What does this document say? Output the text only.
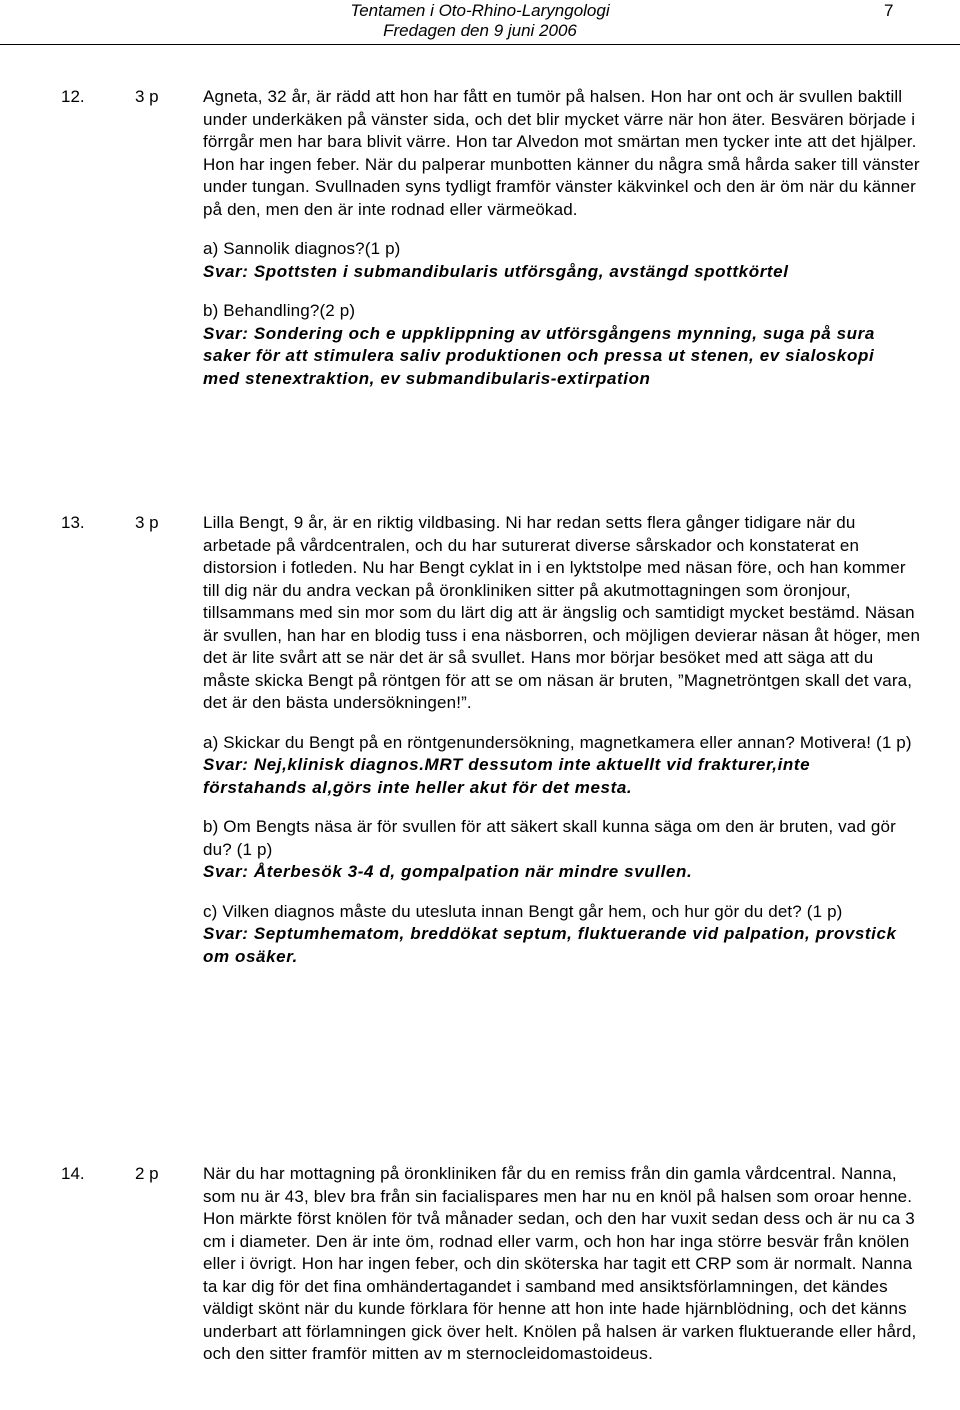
Tentamen i Oto-Rhino-Laryngologi
Fredagen den 9 juni 2006
7
12.	3 p	Agneta, 32 år, är rädd att hon har fått en tumör på halsen. Hon har ont och är svullen baktill under underkäken på vänster sida, och det blir mycket värre när hon äter. Besvären började i förrgår men har bara blivit värre. Hon tar Alvedon mot smärtan men tycker inte att det hjälper. Hon har ingen feber. När du palperar munbotten känner du några små hårda saker till vänster under tungan. Svullnaden syns tydligt framför vänster käkvinkel och den är öm när du känner på den, men den är inte rodnad eller värmeökad.

a) Sannolik diagnos?(1 p)

Svar: Spottsten i submandibularis utförsgång, avstängd spottkörtel

b) Behandling?(2 p)

Svar: Sondering och e uppklippning av utförsgångens mynning, suga på sura saker för att stimulera saliv produktionen och pressa ut stenen, ev sialoskopi med stenextraktion, ev submandibularis-extirpation

13.	3 p	Lilla Bengt, 9 år, är en riktig vildbasing. Ni har redan setts flera gånger tidigare när du arbetade på vårdcentralen, och du har suturerat diverse sårskador och konstaterat en distorsion i fotleden. Nu har Bengt cyklat in i en lyktstolpe med näsan före, och han kommer till dig när du andra veckan på öronkliniken sitter på akutmottagningen som öronjour, tillsammans med sin mor som du lärt dig att är ängslig och samtidigt mycket bestämd. Näsan är svullen, han har en blodig tuss i ena näsborren, och möjligen devierar näsan åt höger, men det är lite svårt att se när det är så svullet. Hans mor börjar besöket med att säga att du måste skicka Bengt på röntgen för att se om näsan är bruten, ”Magnetröntgen skall det vara, det är den bästa undersökningen!”.

a) Skickar du Bengt på en röntgenundersökning, magnetkamera eller annan? Motivera! (1 p)

Svar: Nej,klinisk diagnos.MRT dessutom inte aktuellt vid frakturer,inte förstahands al,görs inte heller akut för det mesta.

b) Om Bengts näsa är för svullen för att säkert skall kunna säga om den är bruten, vad gör du? (1 p)

Svar: Återbesök 3-4 d, gompalpation när mindre svullen.

c) Vilken diagnos måste du utesluta innan Bengt går hem, och hur gör du det? (1 p)

Svar: Septumhematom, breddökat septum, fluktuerande vid palpation, provstick om osäker.

14.	2 p	När du har mottagning på öronkliniken får du en remiss från din gamla vårdcentral. Nanna, som nu är 43, blev bra från sin facialispares men har nu en knöl på halsen som oroar henne. Hon märkte först knölen för två månader sedan, och den har vuxit sedan dess och är nu ca 3 cm i diameter. Den är inte öm, rodnad eller varm, och hon har inga större besvär från knölen eller i övrigt. Hon har ingen feber, och din sköterska har tagit ett CRP som är normalt. Nanna ta kar dig för det fina omhändertagandet i samband med ansiktsförlamningen, det kändes väldigt skönt när du kunde förklara för henne att hon inte hade hjärnblödning, och det känns underbart att förlamningen gick över helt. Knölen på halsen är varken fluktuerande eller hård, och den sitter framför mitten av m sternocleidomastoideus.
